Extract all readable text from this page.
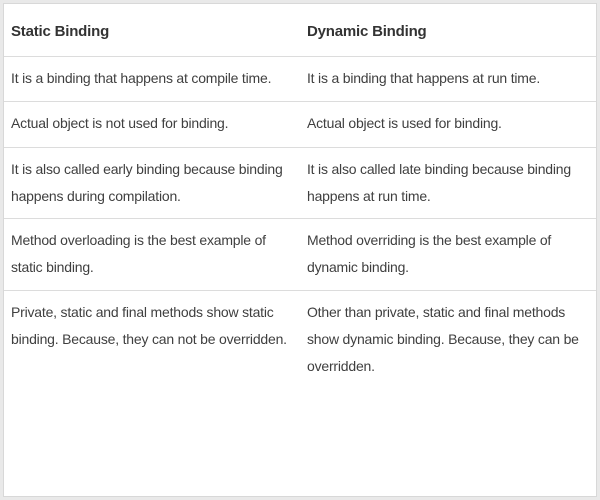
Static Binding	Dynamic Binding
It is a binding that happens at compile time.	It is a binding that happens at run time.
Actual object is not used for binding.	Actual object is used for binding.
It is also called early binding because binding happens during compilation.	It is also called late binding because binding happens at run time.
Method overloading is the best example of static binding.	Method overriding is the best example of dynamic binding.
Private, static and final methods show static binding. Because, they can not be overridden.	Other than private, static and final methods show dynamic binding. Because, they can be overridden.
